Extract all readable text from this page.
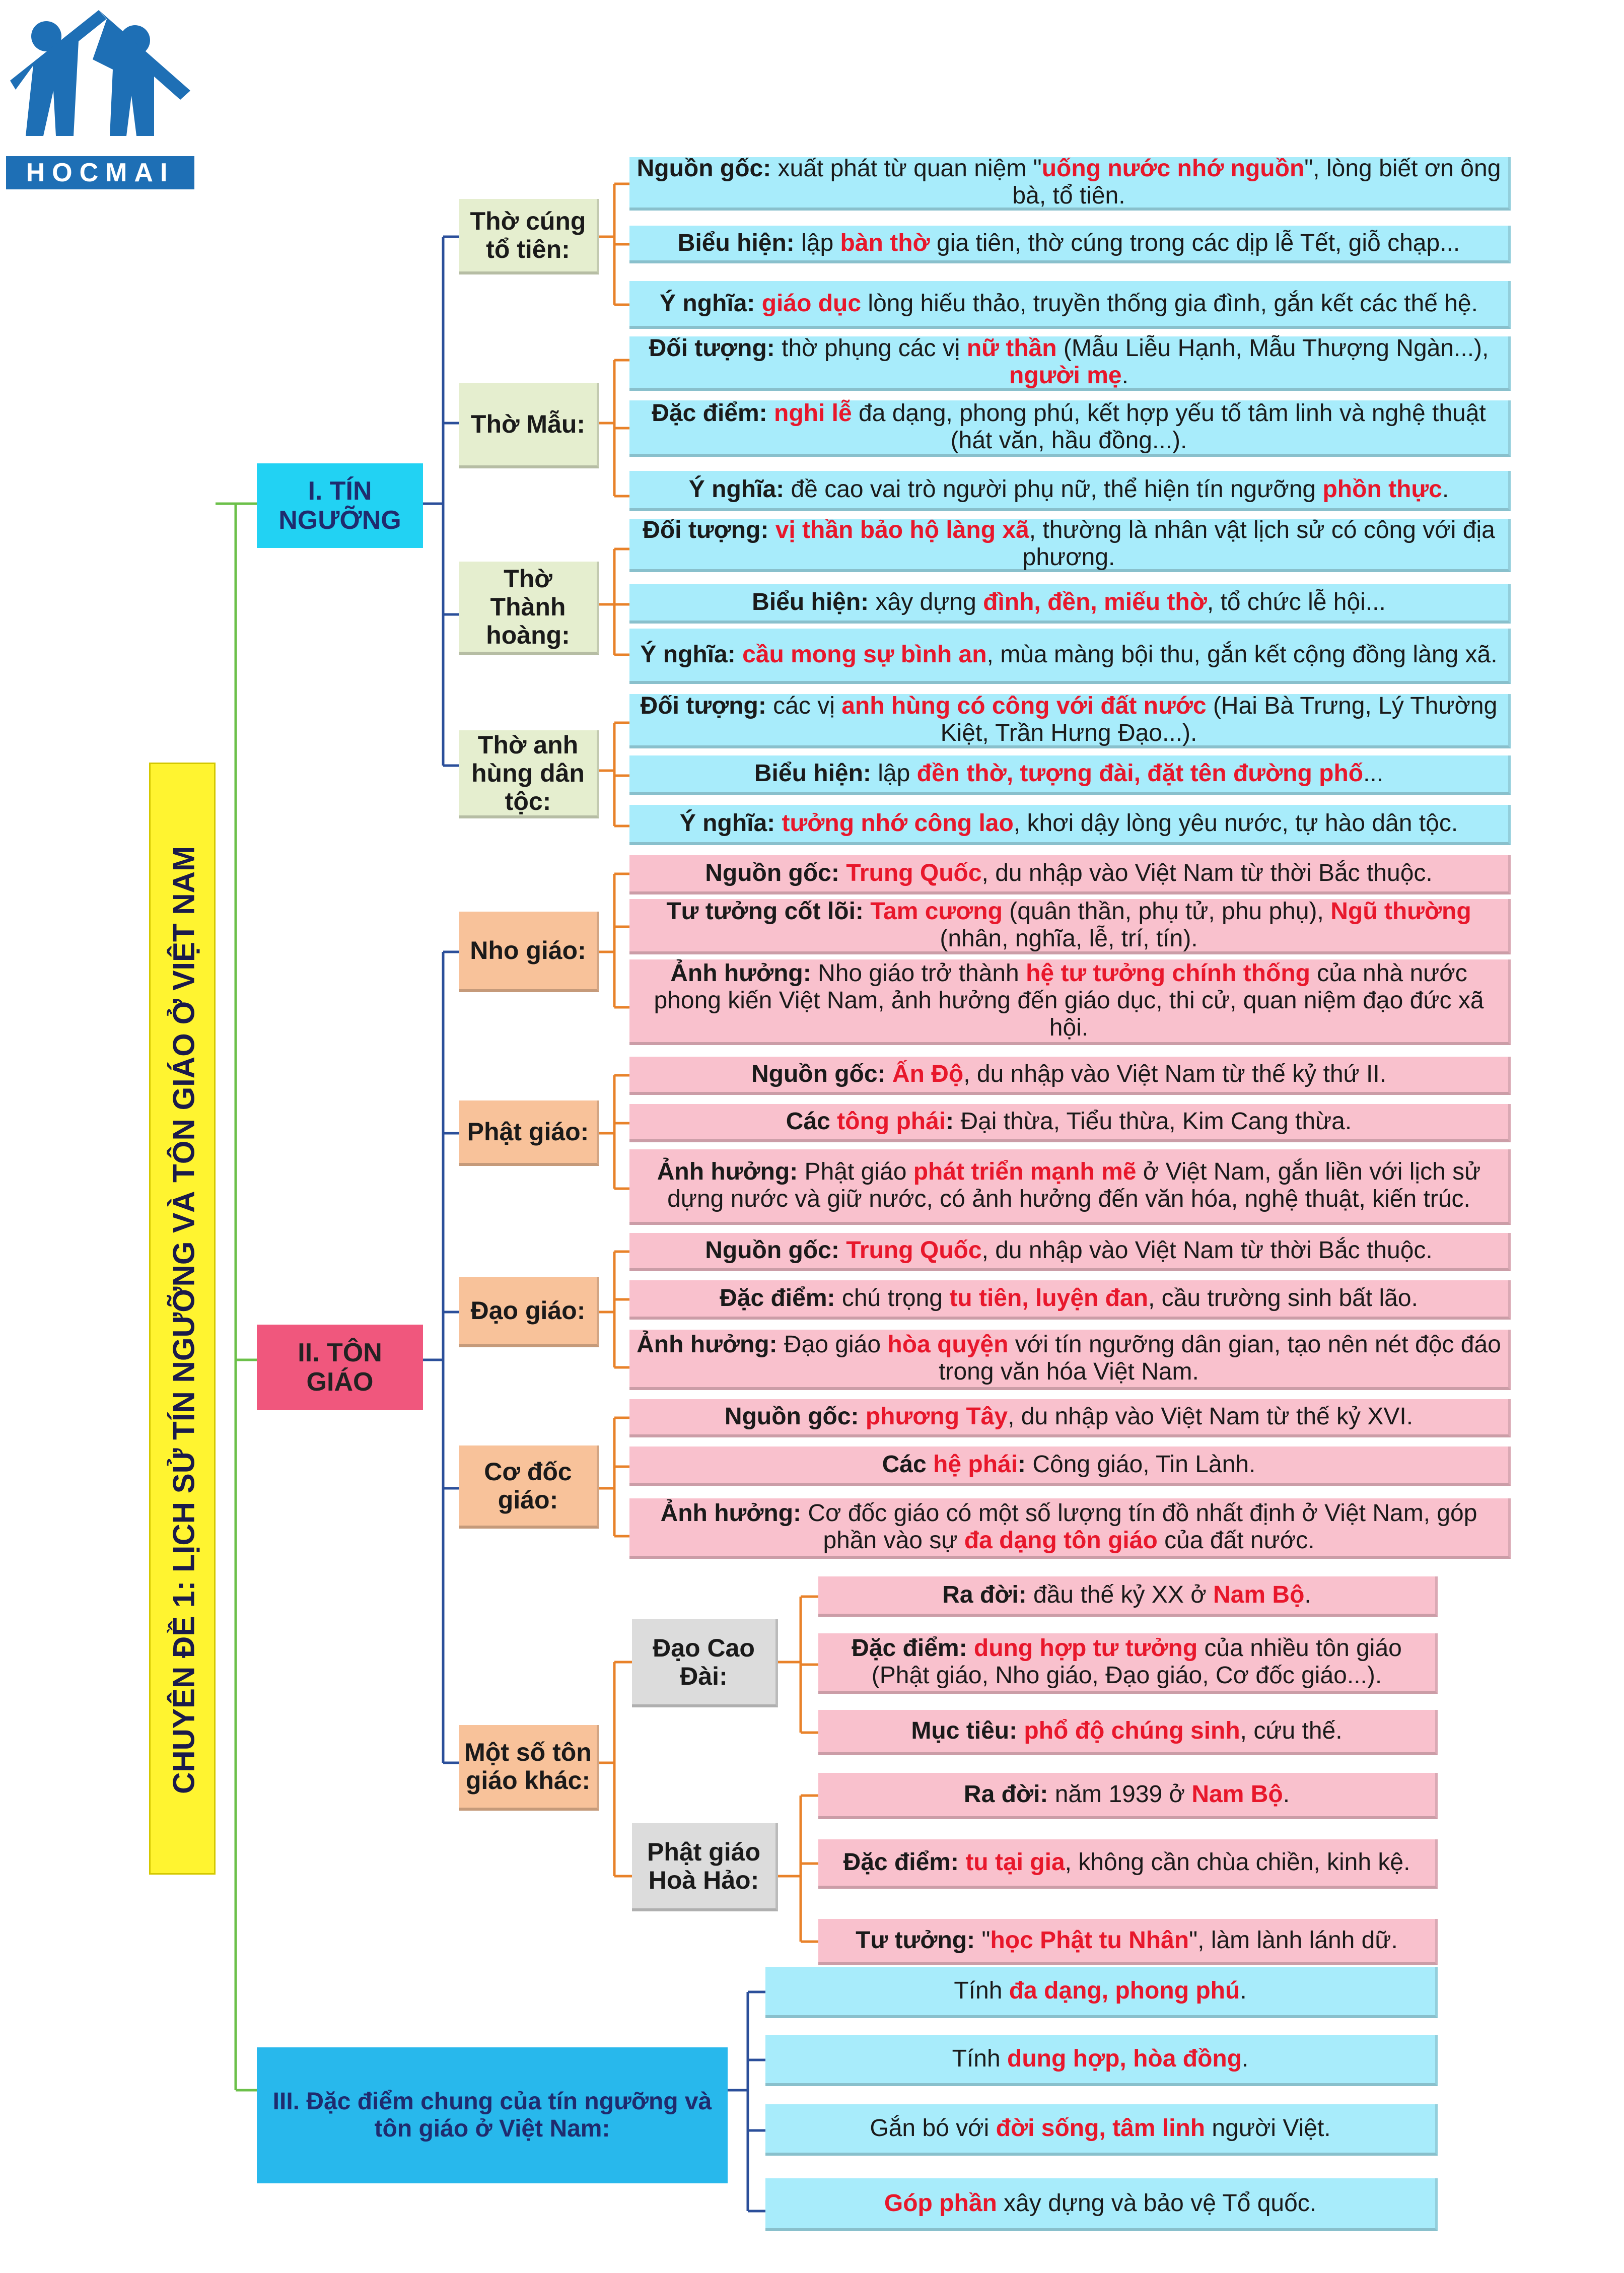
HOCMAI
CHUYÊN ĐỀ 1: LỊCH SỬ TÍN NGƯỠNG VÀ TÔN GIÁO Ở VIỆT NAM
I. TÍN NGƯỠNG
II. TÔN GIÁO
III. Đặc điểm chung của tín ngưỡng và tôn giáo ở Việt Nam:
Thờ cúng tổ tiên:
Thờ Mẫu:
Thờ Thành hoàng:
Thờ anh hùng dân tộc:
Nho giáo:
Phật giáo:
Đạo giáo:
Cơ đốc giáo:
Một số tôn giáo khác:
Đạo Cao Đài:
Phật giáo Hoà Hảo:
Nguồn gốc: xuất phát từ quan niệm "uống nước nhớ nguồn", lòng biết ơn ông bà, tổ tiên.
Biểu hiện: lập bàn thờ gia tiên, thờ cúng trong các dịp lễ Tết, giỗ chạp...
Ý nghĩa: giáo dục lòng hiếu thảo, truyền thống gia đình, gắn kết các thế hệ.
Đối tượng: thờ phụng các vị nữ thần (Mẫu Liễu Hạnh, Mẫu Thượng Ngàn...), người mẹ.
Đặc điểm: nghi lễ đa dạng, phong phú, kết hợp yếu tố tâm linh và nghệ thuật (hát văn, hầu đồng...).
Ý nghĩa: đề cao vai trò người phụ nữ, thể hiện tín ngưỡng phồn thực.
Đối tượng: vị thần bảo hộ làng xã, thường là nhân vật lịch sử có công với địa phương.
Biểu hiện: xây dựng đình, đền, miếu thờ, tổ chức lễ hội...
Ý nghĩa: cầu mong sự bình an, mùa màng bội thu, gắn kết cộng đồng làng xã.
Đối tượng: các vị anh hùng có công với đất nước (Hai Bà Trưng, Lý Thường Kiệt, Trần Hưng Đạo...).
Biểu hiện: lập đền thờ, tượng đài, đặt tên đường phố...
Ý nghĩa: tưởng nhớ công lao, khơi dậy lòng yêu nước, tự hào dân tộc.
Nguồn gốc: Trung Quốc, du nhập vào Việt Nam từ thời Bắc thuộc.
Tư tưởng cốt lõi: Tam cương (quân thần, phụ tử, phu phụ), Ngũ thường (nhân, nghĩa, lễ, trí, tín).
Ảnh hưởng: Nho giáo trở thành hệ tư tưởng chính thống của nhà nước phong kiến Việt Nam, ảnh hưởng đến giáo dục, thi cử, quan niệm đạo đức xã hội.
Nguồn gốc: Ấn Độ, du nhập vào Việt Nam từ thế kỷ thứ II.
Các tông phái: Đại thừa, Tiểu thừa, Kim Cang thừa.
Ảnh hưởng: Phật giáo phát triển mạnh mẽ ở Việt Nam, gắn liền với lịch sử dựng nước và giữ nước, có ảnh hưởng đến văn hóa, nghệ thuật, kiến trúc.
Nguồn gốc: Trung Quốc, du nhập vào Việt Nam từ thời Bắc thuộc.
Đặc điểm: chú trọng tu tiên, luyện đan, cầu trường sinh bất lão.
Ảnh hưởng: Đạo giáo hòa quyện với tín ngưỡng dân gian, tạo nên nét độc đáo trong văn hóa Việt Nam.
Nguồn gốc: phương Tây, du nhập vào Việt Nam từ thế kỷ XVI.
Các hệ phái: Công giáo, Tin Lành.
Ảnh hưởng: Cơ đốc giáo có một số lượng tín đồ nhất định ở Việt Nam, góp phần vào sự đa dạng tôn giáo của đất nước.
Ra đời: đầu thế kỷ XX ở Nam Bộ.
Đặc điểm: dung hợp tư tưởng của nhiều tôn giáo (Phật giáo, Nho giáo, Đạo giáo, Cơ đốc giáo...).
Mục tiêu: phổ độ chúng sinh, cứu thế.
Ra đời: năm 1939 ở Nam Bộ.
Đặc điểm: tu tại gia, không cần chùa chiền, kinh kệ.
Tư tưởng: "học Phật tu Nhân", làm lành lánh dữ.
Tính đa dạng, phong phú.
Tính dung hợp, hòa đồng.
Gắn bó với đời sống, tâm linh người Việt.
Góp phần xây dựng và bảo vệ Tổ quốc.
